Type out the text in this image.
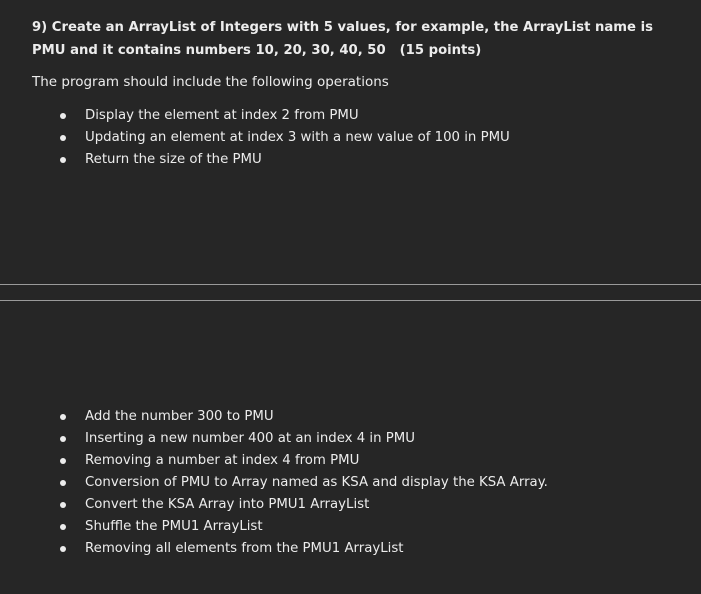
9) Create an ArrayList of Integers with 5 values, for example, the ArrayList name is PMU and it contains numbers 10, 20, 30, 40, 50 (15 points)

The program should include the following operations

Display the element at index 2 from PMU
Updating an element at index 3 with a new value of 100 in PMU
Return the size of the PMU
Add the number 300 to PMU
Inserting a new number 400 at an index 4 in PMU
Removing a number at index 4 from PMU
Conversion of PMU to Array named as KSA and display the KSA Array.
Convert the KSA Array into PMU1 ArrayList
Shuffle the PMU1 ArrayList
Removing all elements from the PMU1 ArrayList
